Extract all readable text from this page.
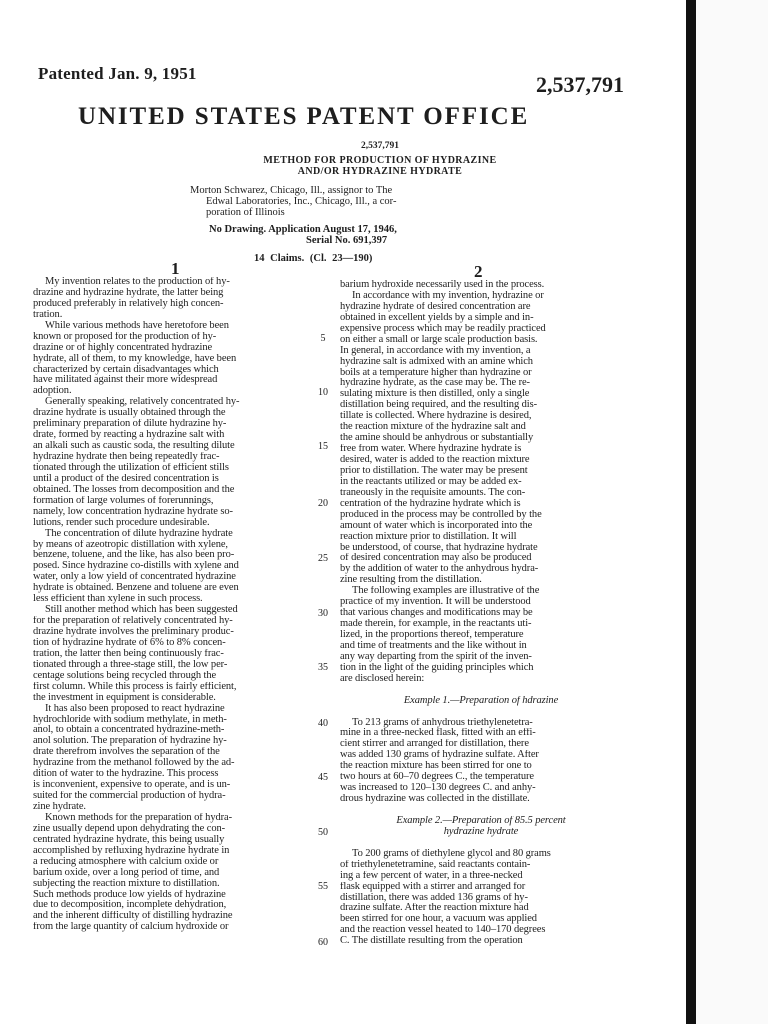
Patented Jan. 9, 1951	2,537,791
UNITED STATES PATENT OFFICE
2,537,791
METHOD FOR PRODUCTION OF HYDRAZINE
AND/OR HYDRAZINE HYDRATE
Morton Schwarez, Chicago, Ill., assignor to The
Edwal Laboratories, Inc., Chicago, Ill., a cor-
poration of Illinois
No Drawing. Application August 17, 1946,
Serial No. 691,397
14 Claims. (Cl. 23—190)
1	2
My invention relates to the production of hy-
drazine and hydrazine hydrate, the latter being
produced preferably in relatively high concen-
tration.
While various methods have heretofore been
known or proposed for the production of hy-
drazine or of highly concentrated hydrazine
hydrate, all of them, to my knowledge, have been
characterized by certain disadvantages which
have militated against their more widespread
adoption.
Generally speaking, relatively concentrated hy-
drazine hydrate is usually obtained through the
preliminary preparation of dilute hydrazine hy-
drate, formed by reacting a hydrazine salt with
an alkali such as caustic soda, the resulting dilute
hydrazine hydrate then being repeatedly frac-
tionated through the utilization of efficient stills
until a product of the desired concentration is
obtained. The losses from decomposition and the
formation of large volumes of forerunnings,
namely, low concentration hydrazine hydrate so-
lutions, render such procedure undesirable.
The concentration of dilute hydrazine hydrate
by means of azeotropic distillation with xylene,
benzene, toluene, and the like, has also been pro-
posed. Since hydrazine co-distills with xylene and
water, only a low yield of concentrated hydrazine
hydrate is obtained. Benzene and toluene are even
less efficient than xylene in such process.
Still another method which has been suggested
for the preparation of relatively concentrated hy-
drazine hydrate involves the preliminary produc-
tion of hydrazine hydrate of 6% to 8% concen-
tration, the latter then being continuously frac-
tionated through a three-stage still, the low per-
centage solutions being recycled through the
first column. While this process is fairly efficient,
the investment in equipment is considerable.
It has also been proposed to react hydrazine
hydrochloride with sodium methylate, in meth-
anol, to obtain a concentrated hydrazine-meth-
anol solution. The preparation of hydrazine hy-
drate therefrom involves the separation of the
hydrazine from the methanol followed by the ad-
dition of water to the hydrazine. This process
is inconvenient, expensive to operate, and is un-
suited for the commercial production of hydra-
zine hydrate.
Known methods for the preparation of hydra-
zine usually depend upon dehydrating the con-
centrated hydrazine hydrate, this being usually
accomplished by refluxing hydrazine hydrate in
a reducing atmosphere with calcium oxide or
barium oxide, over a long period of time, and
subjecting the reaction mixture to distillation.
Such methods produce low yields of hydrazine
due to decomposition, incomplete dehydration,
and the inherent difficulty of distilling hydrazine
from the large quantity of calcium hydroxide or
barium hydroxide necessarily used in the process.
In accordance with my invention, hydrazine or
hydrazine hydrate of desired concentration are
obtained in excellent yields by a simple and in-
expensive process which may be readily practiced
on either a small or large scale production basis.
In general, in accordance with my invention, a
hydrazine salt is admixed with an amine which
boils at a temperature higher than hydrazine or
hydrazine hydrate, as the case may be. The re-
sulating mixture is then distilled, only a single
distillation being required, and the resulting dis-
tillate is collected. Where hydrazine is desired,
the reaction mixture of the hydrazine salt and
the amine should be anhydrous or substantially
free from water. Where hydrazine hydrate is
desired, water is added to the reaction mixture
prior to distillation. The water may be present
in the reactants utilized or may be added ex-
traneously in the requisite amounts. The con-
centration of the hydrazine hydrate which is
produced in the process may be controlled by the
amount of water which is incorporated into the
reaction mixture prior to distillation. It will
be understood, of course, that hydrazine hydrate
of desired concentration may also be produced
by the addition of water to the anhydrous hydra-
zine resulting from the distillation.
The following examples are illustrative of the
practice of my invention. It will be understood
that various changes and modifications may be
made therein, for example, in the reactants uti-
lized, in the proportions thereof, temperature
and time of treatments and the like without in
any way departing from the spirit of the inven-
tion in the light of the guiding principles which
are disclosed herein:
Example 1.—Preparation of hdrazine
To 213 grams of anhydrous triethylenetetra-
mine in a three-necked flask, fitted with an effi-
cient stirrer and arranged for distillation, there
was added 130 grams of hydrazine sulfate. After
the reaction mixture has been stirred for one to
two hours at 60–70 degrees C., the temperature
was increased to 120–130 degrees C. and anhy-
drous hydrazine was collected in the distillate.
Example 2.—Preparation of 85.5 percent
hydrazine hydrate
To 200 grams of diethylene glycol and 80 grams
of triethylenetetramine, said reactants contain-
ing a few percent of water, in a three-necked
flask equipped with a stirrer and arranged for
distillation, there was added 136 grams of hy-
drazine sulfate. After the reaction mixture had
been stirred for one hour, a vacuum was applied
and the reaction vessel heated to 140–170 degrees
C. The distillate resulting from the operation
5
10
15
20
25
30
35
40
45
50
55
60
